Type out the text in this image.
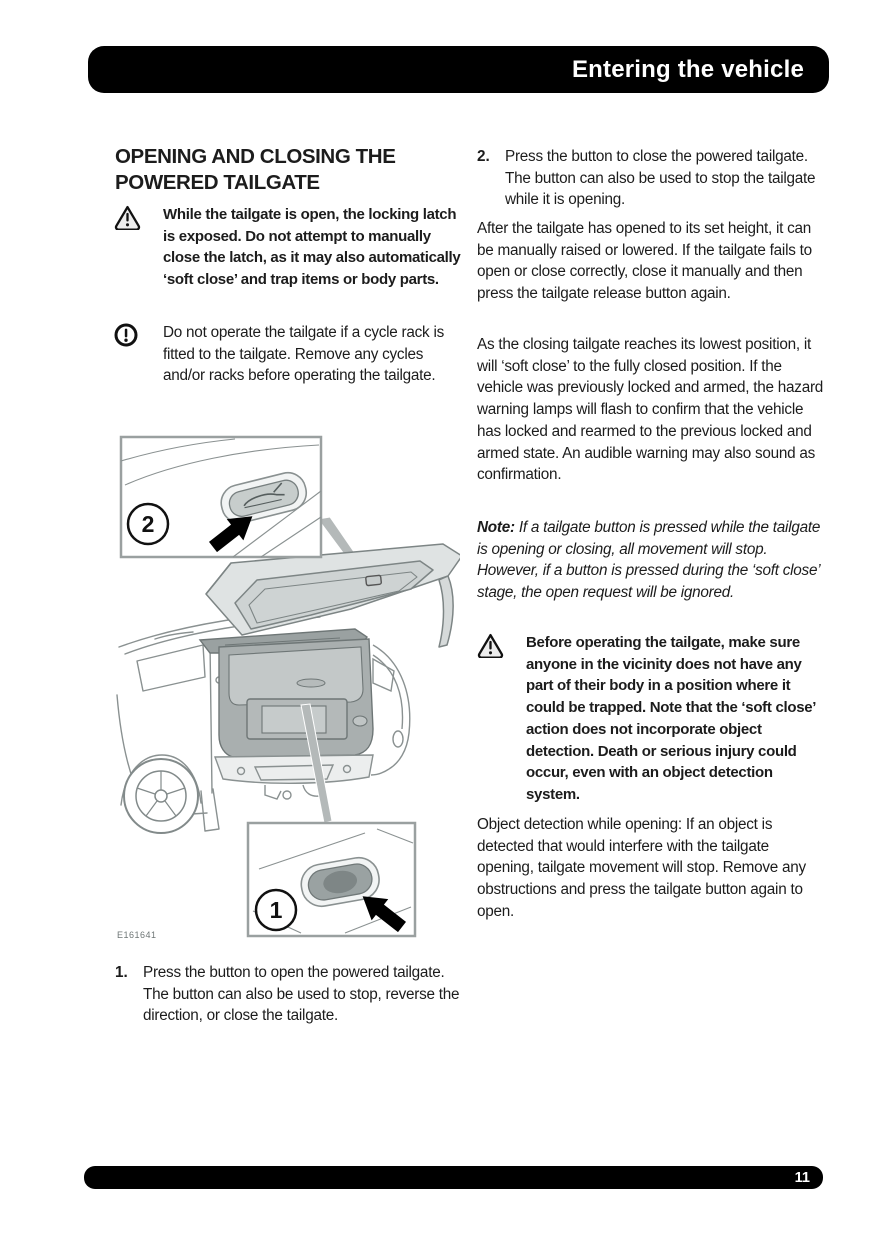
Entering the vehicle
OPENING AND CLOSING THE POWERED TAILGATE

While the tailgate is open, the locking latch is exposed. Do not attempt to manually close the latch, as it may also automatically ‘soft close’ and trap items or body parts.

Do not operate the tailgate if a cycle rack is fitted to the tailgate. Remove any cycles and/or racks before operating the tailgate.

2
1
E161641
1. Press the button to open the powered tailgate. The button can also be used to stop, reverse the direction, or close the tailgate.

2. Press the button to close the powered tailgate. The button can also be used to stop the tailgate while it is opening.

After the tailgate has opened to its set height, it can be manually raised or lowered. If the tailgate fails to open or close correctly, close it manually and then press the tailgate release button again.

As the closing tailgate reaches its lowest position, it will ‘soft close’ to the fully closed position. If the vehicle was previously locked and armed, the hazard warning lamps will flash to confirm that the vehicle has locked and rearmed to the previous locked and armed state. An audible warning may also sound as confirmation.

Note: If a tailgate button is pressed while the tailgate is opening or closing, all movement will stop. However, if a button is pressed during the ‘soft close’ stage, the open request will be ignored.

Before operating the tailgate, make sure anyone in the vicinity does not have any part of their body in a position where it could be trapped. Note that the ‘soft close’ action does not incorporate object detection. Death or serious injury could occur, even with an object detection system.

Object detection while opening: If an object is detected that would interfere with the tailgate opening, tailgate movement will stop. Remove any obstructions and press the tailgate button again to open.

11
